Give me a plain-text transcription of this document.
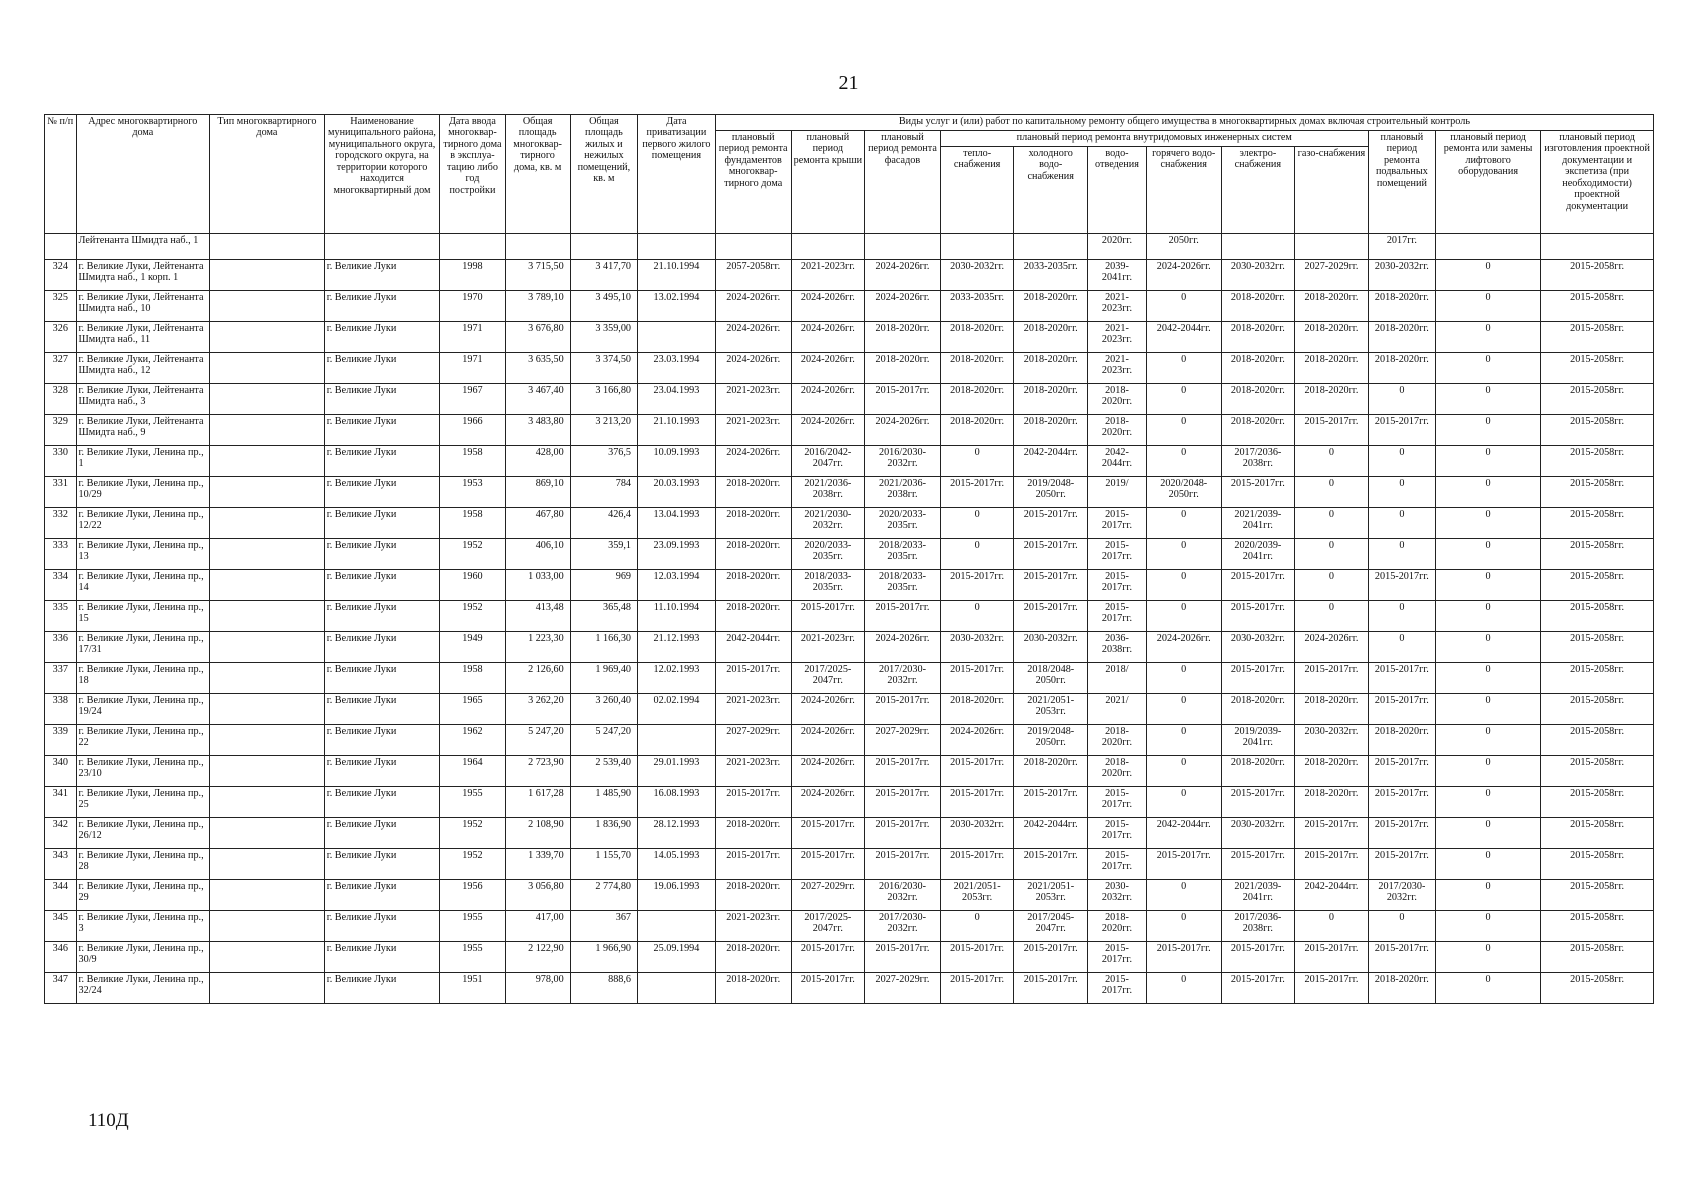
21
№ п/п	Адрес многоквартирного дома	Тип многоквартирного дома	Наименование муниципального района, муниципального округа, городского округа, на территории которого находится многоквартирный дом	Дата ввода многоквар-тирного дома в эксплуа-тацию либо год постройки	Общая площадь многоквар-тирного дома, кв. м	Общая площадь жилых и нежилых помещений, кв. м	Дата приватизации первого жилого помещения	Виды услуг и (или) работ по капитальному ремонту общего имущества в многоквартирных домах включая строительный контроль											
								плановый период ремонта фундаментов многоквар-тирного дома	плановый период ремонта крыши	плановый период ремонта фасадов	плановый период ремонта внутридомовых инженерных систем						плановый период ремонта подвальных помещений	плановый период ремонта или замены лифтового оборудования	плановый период изготовления проектной документации и экспетиза (при необходимости) проектной документации
											тепло-снабжения	холодного водо-снабжения	водо-отведения	горячего водо-снабжения	электро-снабжения	газо-снабжения			
	Лейтенанта Шмидта наб., 1												2020гг.	2050гг.			2017гг.		
324	г. Великие Луки, Лейтенанта Шмидта наб., 1 корп. 1		г. Великие Луки	1998	3 715,50	3 417,70	21.10.1994	2057-2058гг.	2021-2023гг.	2024-2026гг.	2030-2032гг.	2033-2035гг.	2039-2041гг.	2024-2026гг.	2030-2032гг.	2027-2029гг.	2030-2032гг.	0	2015-2058гг.
325	г. Великие Луки, Лейтенанта Шмидта наб., 10		г. Великие Луки	1970	3 789,10	3 495,10	13.02.1994	2024-2026гг.	2024-2026гг.	2024-2026гг.	2033-2035гг.	2018-2020гг.	2021-2023гг.	0	2018-2020гг.	2018-2020гг.	2018-2020гг.	0	2015-2058гг.
326	г. Великие Луки, Лейтенанта Шмидта наб., 11		г. Великие Луки	1971	3 676,80	3 359,00		2024-2026гг.	2024-2026гг.	2018-2020гг.	2018-2020гг.	2018-2020гг.	2021-2023гг.	2042-2044гг.	2018-2020гг.	2018-2020гг.	2018-2020гг.	0	2015-2058гг.
327	г. Великие Луки, Лейтенанта Шмидта наб., 12		г. Великие Луки	1971	3 635,50	3 374,50	23.03.1994	2024-2026гг.	2024-2026гг.	2018-2020гг.	2018-2020гг.	2018-2020гг.	2021-2023гг.	0	2018-2020гг.	2018-2020гг.	2018-2020гг.	0	2015-2058гг.
328	г. Великие Луки, Лейтенанта Шмидта наб., 3		г. Великие Луки	1967	3 467,40	3 166,80	23.04.1993	2021-2023гг.	2024-2026гг.	2015-2017гг.	2018-2020гг.	2018-2020гг.	2018-2020гг.	0	2018-2020гг.	2018-2020гг.	0	0	2015-2058гг.
329	г. Великие Луки, Лейтенанта Шмидта наб., 9		г. Великие Луки	1966	3 483,80	3 213,20	21.10.1993	2021-2023гг.	2024-2026гг.	2024-2026гг.	2018-2020гг.	2018-2020гг.	2018-2020гг.	0	2018-2020гг.	2015-2017гг.	2015-2017гг.	0	2015-2058гг.
330	г. Великие Луки, Ленина пр., 1		г. Великие Луки	1958	428,00	376,5	10.09.1993	2024-2026гг.	2016/2042-2047гг.	2016/2030-2032гг.	0	2042-2044гг.	2042-2044гг.	0	2017/2036-2038гг.	0	0	0	2015-2058гг.
331	г. Великие Луки, Ленина пр., 10/29		г. Великие Луки	1953	869,10	784	20.03.1993	2018-2020гг.	2021/2036-2038гг.	2021/2036-2038гг.	2015-2017гг.	2019/2048-2050гг.	2019/	2020/2048-2050гг.	2015-2017гг.	0	0	0	2015-2058гг.
332	г. Великие Луки, Ленина пр., 12/22		г. Великие Луки	1958	467,80	426,4	13.04.1993	2018-2020гг.	2021/2030-2032гг.	2020/2033-2035гг.	0	2015-2017гг.	2015-2017гг.	0	2021/2039-2041гг.	0	0	0	2015-2058гг.
333	г. Великие Луки, Ленина пр., 13		г. Великие Луки	1952	406,10	359,1	23.09.1993	2018-2020гг.	2020/2033-2035гг.	2018/2033-2035гг.	0	2015-2017гг.	2015-2017гг.	0	2020/2039-2041гг.	0	0	0	2015-2058гг.
334	г. Великие Луки, Ленина пр., 14		г. Великие Луки	1960	1 033,00	969	12.03.1994	2018-2020гг.	2018/2033-2035гг.	2018/2033-2035гг.	2015-2017гг.	2015-2017гг.	2015-2017гг.	0	2015-2017гг.	0	2015-2017гг.	0	2015-2058гг.
335	г. Великие Луки, Ленина пр., 15		г. Великие Луки	1952	413,48	365,48	11.10.1994	2018-2020гг.	2015-2017гг.	2015-2017гг.	0	2015-2017гг.	2015-2017гг.	0	2015-2017гг.	0	0	0	2015-2058гг.
336	г. Великие Луки, Ленина пр., 17/31		г. Великие Луки	1949	1 223,30	1 166,30	21.12.1993	2042-2044гг.	2021-2023гг.	2024-2026гг.	2030-2032гг.	2030-2032гг.	2036-2038гг.	2024-2026гг.	2030-2032гг.	2024-2026гг.	0	0	2015-2058гг.
337	г. Великие Луки, Ленина пр., 18		г. Великие Луки	1958	2 126,60	1 969,40	12.02.1993	2015-2017гг.	2017/2025-2047гг.	2017/2030-2032гг.	2015-2017гг.	2018/2048-2050гг.	2018/	0	2015-2017гг.	2015-2017гг.	2015-2017гг.	0	2015-2058гг.
338	г. Великие Луки, Ленина пр., 19/24		г. Великие Луки	1965	3 262,20	3 260,40	02.02.1994	2021-2023гг.	2024-2026гг.	2015-2017гг.	2018-2020гг.	2021/2051-2053гг.	2021/	0	2018-2020гг.	2018-2020гг.	2015-2017гг.	0	2015-2058гг.
339	г. Великие Луки, Ленина пр., 22		г. Великие Луки	1962	5 247,20	5 247,20		2027-2029гг.	2024-2026гг.	2027-2029гг.	2024-2026гг.	2019/2048-2050гг.	2018-2020гг.	0	2019/2039-2041гг.	2030-2032гг.	2018-2020гг.	0	2015-2058гг.
340	г. Великие Луки, Ленина пр., 23/10		г. Великие Луки	1964	2 723,90	2 539,40	29.01.1993	2021-2023гг.	2024-2026гг.	2015-2017гг.	2015-2017гг.	2018-2020гг.	2018-2020гг.	0	2018-2020гг.	2018-2020гг.	2015-2017гг.	0	2015-2058гг.
341	г. Великие Луки, Ленина пр., 25		г. Великие Луки	1955	1 617,28	1 485,90	16.08.1993	2015-2017гг.	2024-2026гг.	2015-2017гг.	2015-2017гг.	2015-2017гг.	2015-2017гг.	0	2015-2017гг.	2018-2020гг.	2015-2017гг.	0	2015-2058гг.
342	г. Великие Луки, Ленина пр., 26/12		г. Великие Луки	1952	2 108,90	1 836,90	28.12.1993	2018-2020гг.	2015-2017гг.	2015-2017гг.	2030-2032гг.	2042-2044гг.	2015-2017гг.	2042-2044гг.	2030-2032гг.	2015-2017гг.	2015-2017гг.	0	2015-2058гг.
343	г. Великие Луки, Ленина пр., 28		г. Великие Луки	1952	1 339,70	1 155,70	14.05.1993	2015-2017гг.	2015-2017гг.	2015-2017гг.	2015-2017гг.	2015-2017гг.	2015-2017гг.	2015-2017гг.	2015-2017гг.	2015-2017гг.	2015-2017гг.	0	2015-2058гг.
344	г. Великие Луки, Ленина пр., 29		г. Великие Луки	1956	3 056,80	2 774,80	19.06.1993	2018-2020гг.	2027-2029гг.	2016/2030-2032гг.	2021/2051-2053гг.	2021/2051-2053гг.	2030-2032гг.	0	2021/2039-2041гг.	2042-2044гг.	2017/2030-2032гг.	0	2015-2058гг.
345	г. Великие Луки, Ленина пр., 3		г. Великие Луки	1955	417,00	367		2021-2023гг.	2017/2025-2047гг.	2017/2030-2032гг.	0	2017/2045-2047гг.	2018-2020гг.	0	2017/2036-2038гг.	0	0	0	2015-2058гг.
346	г. Великие Луки, Ленина пр., 30/9		г. Великие Луки	1955	2 122,90	1 966,90	25.09.1994	2018-2020гг.	2015-2017гг.	2015-2017гг.	2015-2017гг.	2015-2017гг.	2015-2017гг.	2015-2017гг.	2015-2017гг.	2015-2017гг.	2015-2017гг.	0	2015-2058гг.
347	г. Великие Луки, Ленина пр., 32/24		г. Великие Луки	1951	978,00	888,6		2018-2020гг.	2015-2017гг.	2027-2029гг.	2015-2017гг.	2015-2017гг.	2015-2017гг.	0	2015-2017гг.	2015-2017гг.	2018-2020гг.	0	2015-2058гг.
110Д
